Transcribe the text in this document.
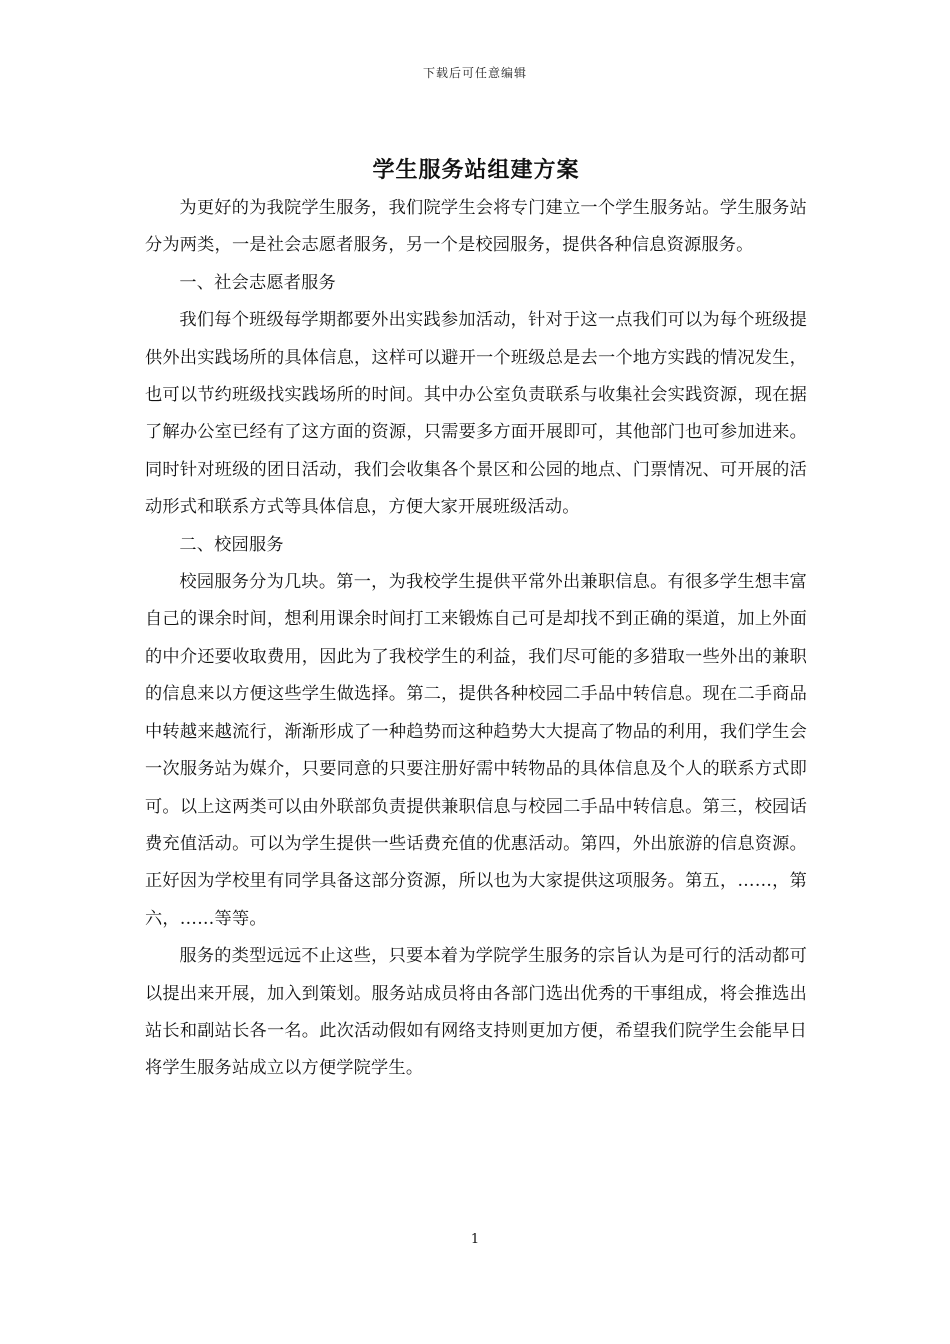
下载后可任意编辑
学生服务站组建方案

为更好的为我院学生服务，我们院学生会将专门建立一个学生服务站。学生服务站分为两类，一是社会志愿者服务，另一个是校园服务，提供各种信息资源服务。

一、社会志愿者服务

我们每个班级每学期都要外出实践参加活动，针对于这一点我们可以为每个班级提供外出实践场所的具体信息，这样可以避开一个班级总是去一个地方实践的情况发生，也可以节约班级找实践场所的时间。其中办公室负责联系与收集社会实践资源，现在据了解办公室已经有了这方面的资源，只需要多方面开展即可，其他部门也可参加进来。同时针对班级的团日活动，我们会收集各个景区和公园的地点、门票情况、可开展的活动形式和联系方式等具体信息，方便大家开展班级活动。

二、校园服务

校园服务分为几块。第一，为我校学生提供平常外出兼职信息。有很多学生想丰富自己的课余时间，想利用课余时间打工来锻炼自己可是却找不到正确的渠道，加上外面的中介还要收取费用，因此为了我校学生的利益，我们尽可能的多猎取一些外出的兼职的信息来以方便这些学生做选择。第二，提供各种校园二手品中转信息。现在二手商品中转越来越流行，渐渐形成了一种趋势而这种趋势大大提高了物品的利用，我们学生会一次服务站为媒介，只要同意的只要注册好需中转物品的具体信息及个人的联系方式即可。以上这两类可以由外联部负责提供兼职信息与校园二手品中转信息。第三，校园话费充值活动。可以为学生提供一些话费充值的优惠活动。第四，外出旅游的信息资源。正好因为学校里有同学具备这部分资源，所以也为大家提供这项服务。第五，……，第六，……等等。

服务的类型远远不止这些，只要本着为学院学生服务的宗旨认为是可行的活动都可以提出来开展，加入到策划。服务站成员将由各部门选出优秀的干事组成，将会推选出站长和副站长各一名。此次活动假如有网络支持则更加方便，希望我们院学生会能早日将学生服务站成立以方便学院学生。

1
